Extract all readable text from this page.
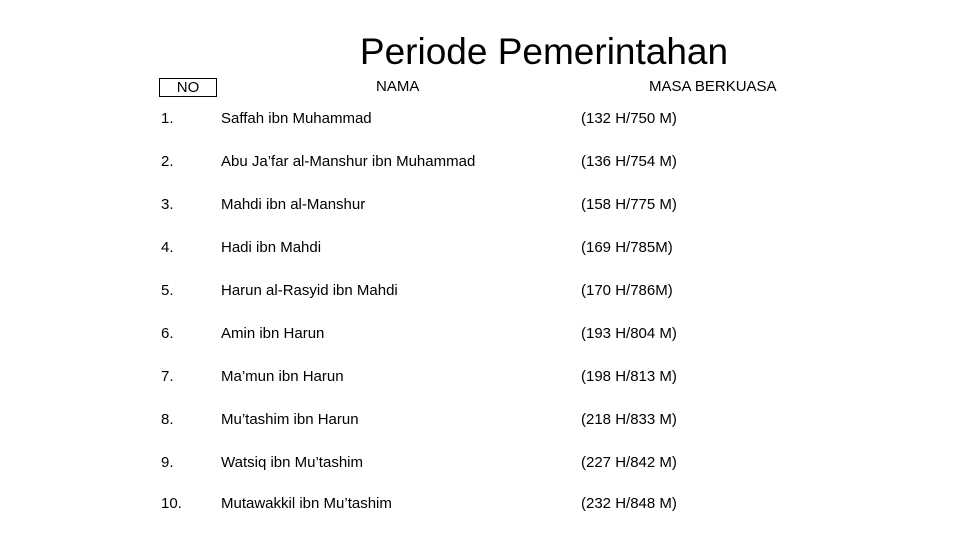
Periode Pemerintahan
NO	NAMA	MASA BERKUASA
1.	Saffah ibn Muhammad	(132 H/750 M)
2.	Abu Ja’far al-Manshur ibn Muhammad	(136 H/754 M)
3.	Mahdi ibn al-Manshur	(158 H/775 M)
4.	Hadi ibn Mahdi	(169 H/785M)
5.	Harun al-Rasyid ibn Mahdi	(170 H/786M)
6.	Amin ibn Harun	(193 H/804 M)
7.	Ma’mun ibn Harun	(198 H/813 M)
8.	Mu’tashim ibn Harun	(218 H/833 M)
9.	Watsiq ibn Mu’tashim	(227 H/842 M)
10.	Mutawakkil ibn Mu’tashim	(232 H/848 M)
